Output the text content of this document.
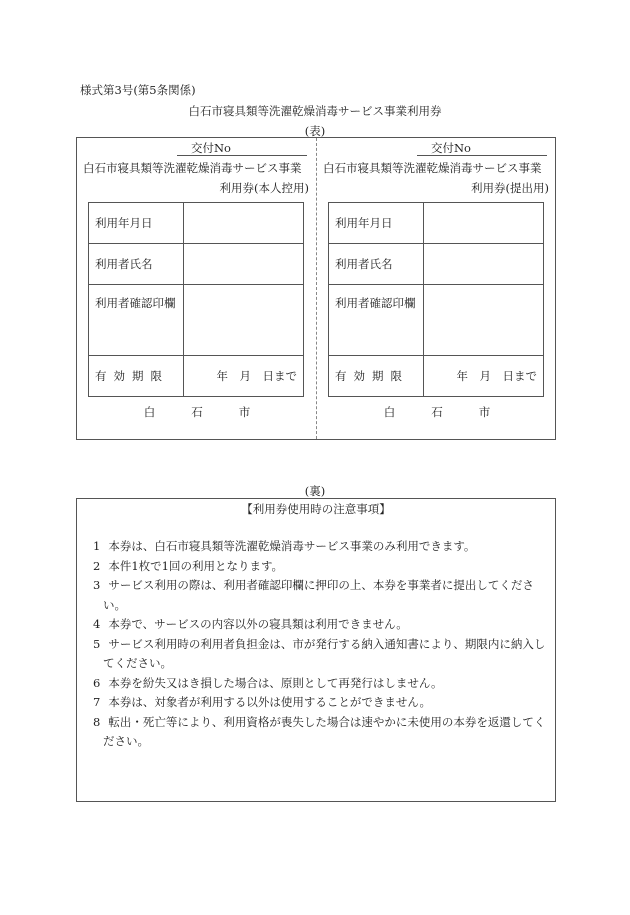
様式第3号(第5条関係)
白石市寝具類等洗濯乾燥消毒サービス事業利用券
(表)
交付No
白石市寝具類等洗濯乾燥消毒サービス事業
利用券(本人控用)
利用年月日	
利用者氏名	
利用者確認印欄	
有効期限	年　月　日まで
白石市
交付No
白石市寝具類等洗濯乾燥消毒サービス事業
利用券(提出用)
利用年月日	
利用者氏名	
利用者確認印欄	
有効期限	年　月　日まで
白石市
(裏)
【利用券使用時の注意事項】
1 本券は、白石市寝具類等洗濯乾燥消毒サービス事業のみ利用できます。
2 本件1枚で1回の利用となります。
3 サービス利用の際は、利用者確認印欄に押印の上、本券を事業者に提出してください。
4 本券で、サービスの内容以外の寝具類は利用できません。
5 サービス利用時の利用者負担金は、市が発行する納入通知書により、期限内に納入してください。
6 本券を紛失又はき損した場合は、原則として再発行はしません。
7 本券は、対象者が利用する以外は使用することができません。
8 転出・死亡等により、利用資格が喪失した場合は速やかに未使用の本券を返還してください。
